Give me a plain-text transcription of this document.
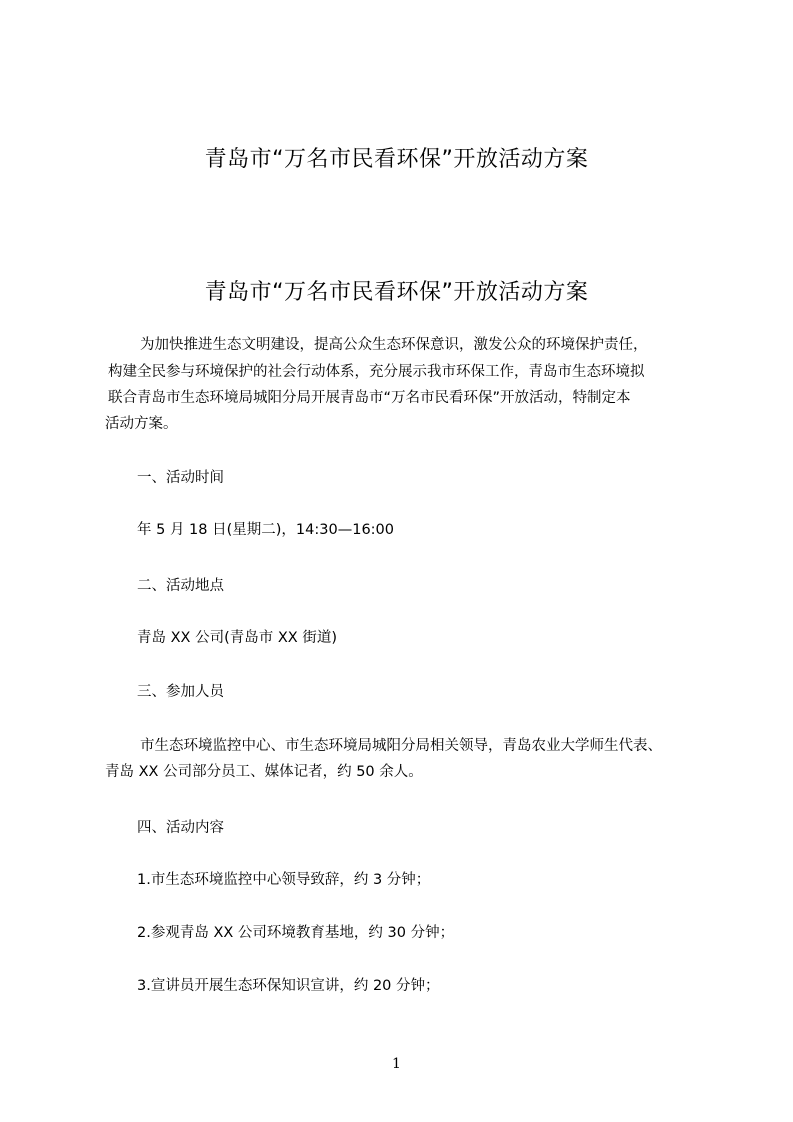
青岛市“万名市民看环保”开放活动方案
青岛市“万名市民看环保”开放活动方案
为加快推进生态文明建设，提高公众生态环保意识，激发公众的环境保护责任，
构建全民参与环境保护的社会行动体系，充分展示我市环保工作，青岛市生态环境拟
联合青岛市生态环境局城阳分局开展青岛市“万名市民看环保”开放活动，特制定本
活动方案。
一、活动时间
年 5 月 18 日(星期二)，14:30—16:00
二、活动地点
青岛 XX 公司(青岛市 XX 街道)
三、参加人员
市生态环境监控中心、市生态环境局城阳分局相关领导，青岛农业大学师生代表、
青岛 XX 公司部分员工、媒体记者，约 50 余人。
四、活动内容
1.市生态环境监控中心领导致辞，约 3 分钟；
2.参观青岛 XX 公司环境教育基地，约 30 分钟；
3.宣讲员开展生态环保知识宣讲，约 20 分钟；
1
